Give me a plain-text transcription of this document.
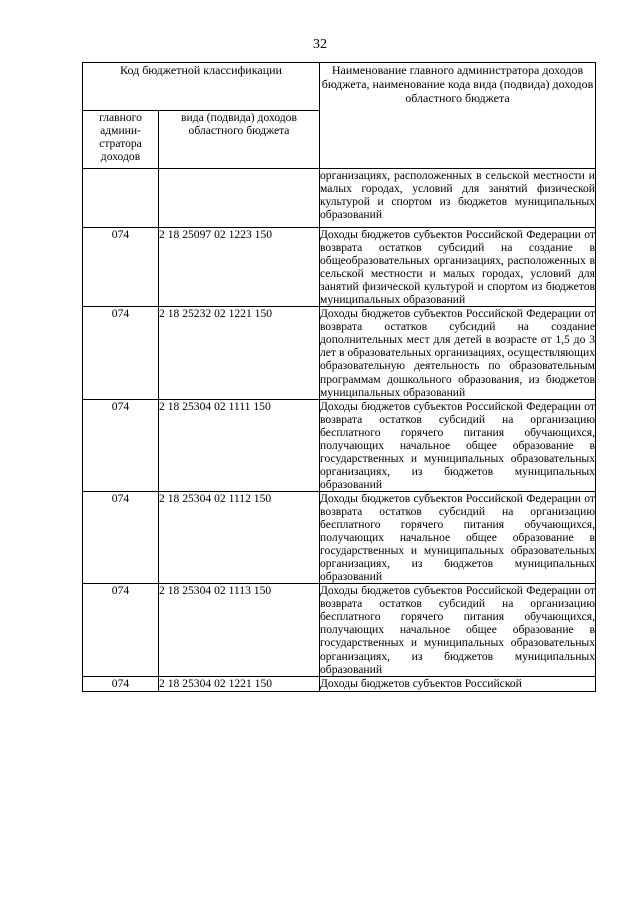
32
Код бюджетной классификации		Наименование главного администратора доходов бюджета, наименование кода вида (подвида) доходов областного бюджета
главного админи-стратора доходов	вида (подвида) доходов областного бюджета	
		организациях, расположенных в сельской местности и малых городах, условий для занятий физической культурой и спортом из бюджетов муниципальных образований
074	2 18 25097 02 1223 150	Доходы бюджетов субъектов Российской Федерации от возврата остатков субсидий на создание в общеобразовательных организациях, расположенных в сельской местности и малых городах, условий для занятий физической культурой и спортом из бюджетов муниципальных образований
074	2 18 25232 02 1221 150	Доходы бюджетов субъектов Российской Федерации от возврата остатков субсидий на создание дополнительных мест для детей в возрасте от 1,5 до 3 лет в образовательных организациях, осуществляющих образовательную деятельность по образовательным программам дошкольного образования, из бюджетов муниципальных образований
074	2 18 25304 02 1111 150	Доходы бюджетов субъектов Российской Федерации от возврата остатков субсидий на организацию бесплатного горячего питания обучающихся, получающих начальное общее образование в государственных и муниципальных образовательных организациях, из бюджетов муниципальных образований
074	2 18 25304 02 1112 150	Доходы бюджетов субъектов Российской Федерации от возврата остатков субсидий на организацию бесплатного горячего питания обучающихся, получающих начальное общее образование в государственных и муниципальных образовательных организациях, из бюджетов муниципальных образований
074	2 18 25304 02 1113 150	Доходы бюджетов субъектов Российской Федерации от возврата остатков субсидий на организацию бесплатного горячего питания обучающихся, получающих начальное общее образование в государственных и муниципальных образовательных организациях, из бюджетов муниципальных образований
074	2 18 25304 02 1221 150	Доходы бюджетов субъектов Российской
